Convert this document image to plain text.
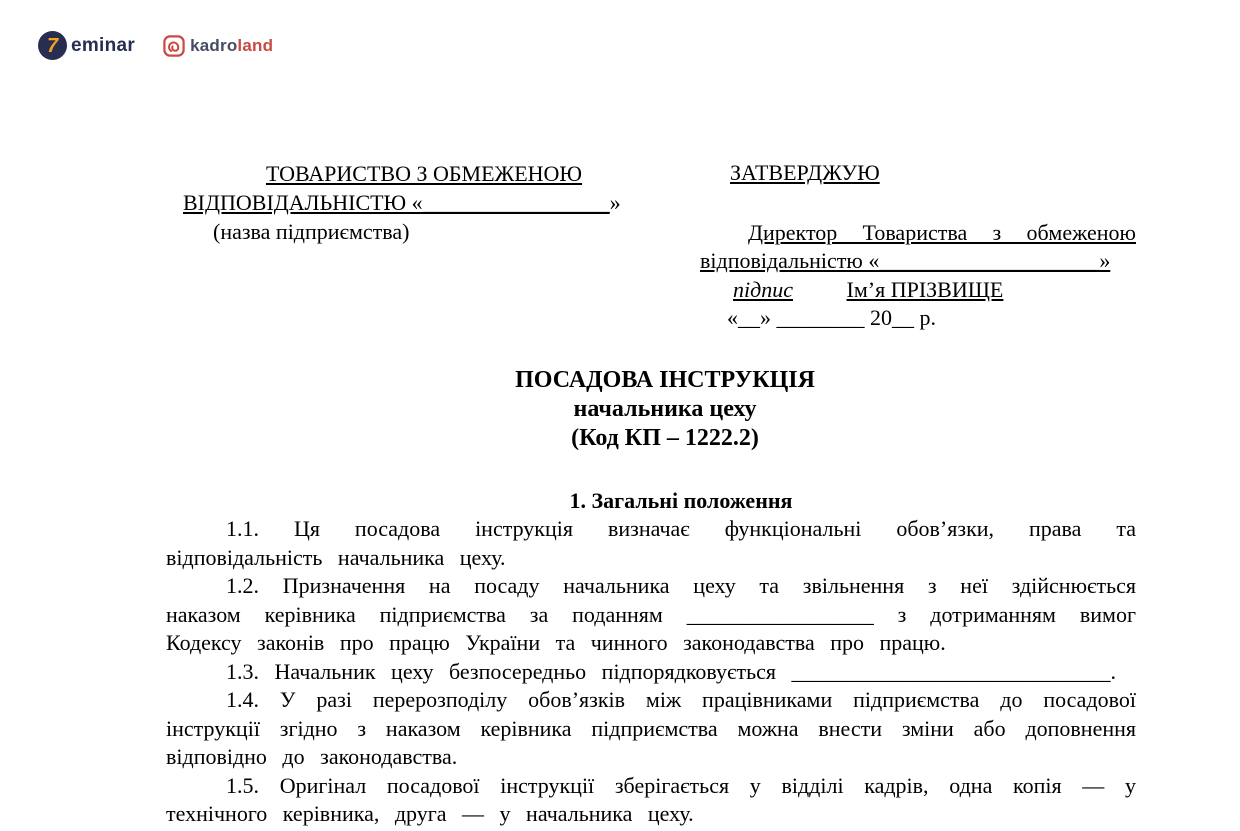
7 eminar	kadroland
ТОВАРИСТВО З ОБМЕЖЕНОЮ
ВІДПОВІДАЛЬНІСТЮ «_________________»
(назва підприємства)
ЗАТВЕРДЖУЮ

Директор Товариства з обмеженою відповідальністю «____________________»

підпис Ім’я ПРІЗВИЩЕ
«__» ________ 20__ р.
ПОСАДОВА ІНСТРУКЦІЯ
начальника цеху
(Код КП – 1222.2)
1. Загальні положення

1.1. Ця посадова інструкція визначає функціональні обов’язки, права та відповідальність начальника цеху.

1.2. Призначення на посаду начальника цеху та звільнення з неї здійснюється наказом керівника підприємства за поданням _________________ з дотриманням вимог Кодексу законів про працю України та чинного законодавства про працю.

1.3. Начальник цеху безпосередньо підпорядковується _____________________________.

1.4. У разі перерозподілу обов’язків між працівниками підприємства до посадової інструкції згідно з наказом керівника підприємства можна внести зміни або доповнення відповідно до законодавства.

1.5. Оригінал посадової інструкції зберігається у відділі кадрів, одна копія — у технічного керівника, друга — у начальника цеху.
